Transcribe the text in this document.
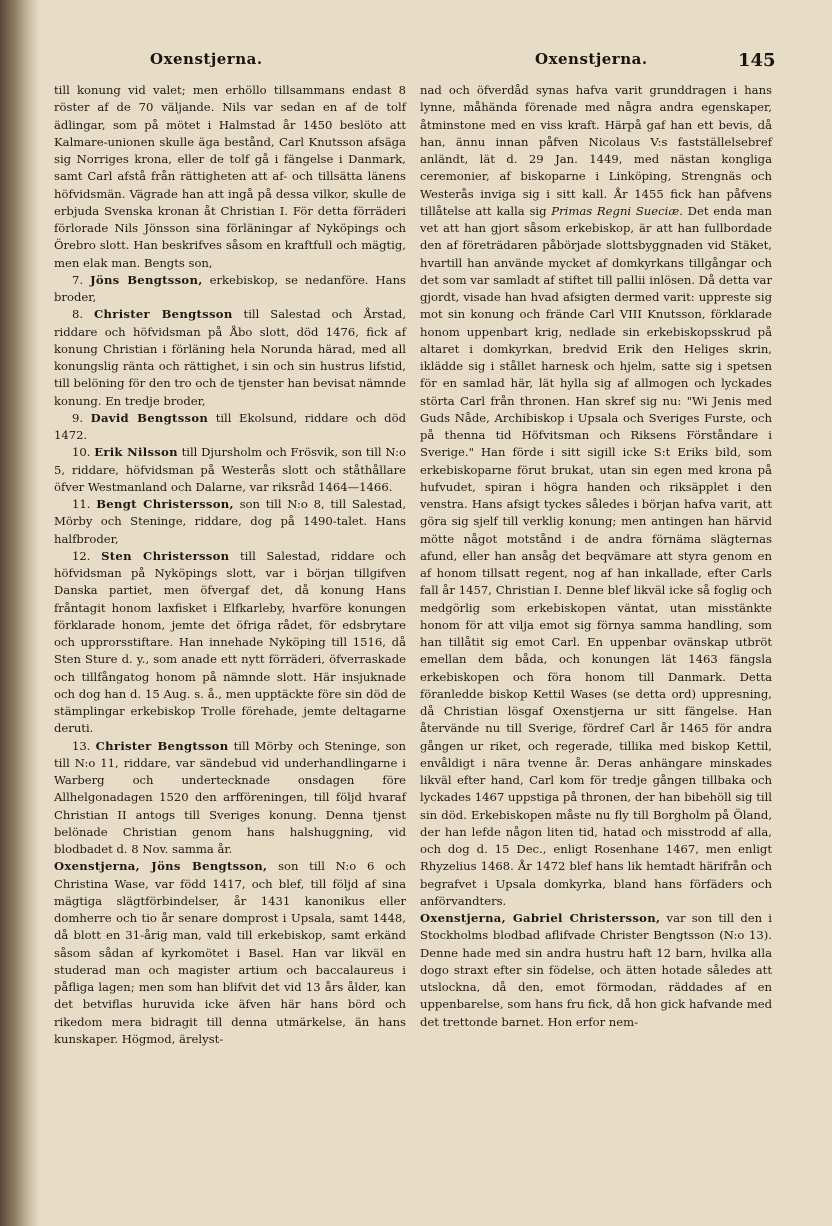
Oxenstjerna.	Oxenstjerna.	145

till konung vid valet; men erhöllo tillsammans endast 8 röster af de 70 väljande. Nils var sedan en af de tolf ädlingar, som på mötet i Halmstad år 1450 beslöto att Kalmare-unionen skulle äga bestånd, Carl Knutsson afsäga sig Norriges krona, eller de tolf gå i fängelse i Danmark, samt Carl afstå från rättigheten att af- och tillsätta länens höfvidsmän. Vägrade han att ingå på dessa vilkor, skulle de erbjuda Svenska kronan åt Christian I. För detta förräderi förlorade Nils Jönsson sina förläningar af Nyköpings och Örebro slott. Han beskrifves såsom en kraftfull och mägtig, men elak man. Bengts son,

7. Jöns Bengtsson, erkebiskop, se nedanföre. Hans broder,

8. Christer Bengtsson till Salestad och Årstad, riddare och höfvidsman på Åbo slott, död 1476, fick af konung Christian i förläning hela Norunda härad, med all konungslig ränta och rättighet, i sin och sin hustrus lifstid, till belöning för den tro och de tjenster han bevisat nämnde konung. En tredje broder,

9. David Bengtsson till Ekolsund, riddare och död 1472.

10. Erik Nilsson till Djursholm och Frösvik, son till N:o 5, riddare, höfvidsman på Westerås slott och ståthållare öfver Westmanland och Dalarne, var riksråd 1464—1466.

11. Bengt Christersson, son till N:o 8, till Salestad, Mörby och Steninge, riddare, dog på 1490-talet. Hans halfbroder,

12. Sten Christersson till Salestad, riddare och höfvidsman på Nyköpings slott, var i början tillgifven Danska partiet, men öfvergaf det, då konung Hans fråntagit honom laxfisket i Elfkarleby, hvarföre konungen förklarade honom, jemte det öfriga rådet, för edsbrytare och upprorsstiftare. Han innehade Nyköping till 1516, då Sten Sture d. y., som anade ett nytt förräderi, öfverraskade och tillfångatog honom på nämnde slott. Här insjuknade och dog han d. 15 Aug. s. å., men upptäckte före sin död de stämplingar erkebiskop Trolle förehade, jemte deltagarne deruti.

13. Christer Bengtsson till Mörby och Steninge, son till N:o 11, riddare, var sändebud vid underhandlingarne i Warberg och undertecknade onsdagen före Allhelgonadagen 1520 den arfföreningen, till följd hvaraf Christian II antogs till Sveriges konung. Denna tjenst belönade Christian genom hans halshuggning, vid blodbadet d. 8 Nov. samma år.

Oxenstjerna, Jöns Bengtsson, son till N:o 6 och Christina Wase, var född 1417, och blef, till följd af sina mägtiga slägtförbindelser, år 1431 kanonikus eller domherre och tio år senare domprost i Upsala, samt 1448, då blott en 31-årig man, vald till erkebiskop, samt erkänd såsom sådan af kyrkomötet i Basel. Han var likväl en studerad man och magister artium och baccalaureus i påfliga lagen; men som han blifvit det vid 13 års ålder, kan det betviflas huruvida icke äfven här hans börd och rikedom mera bidragit till denna utmärkelse, än hans kunskaper. Högmod, ärelyst-

nad och öfverdåd synas hafva varit grunddragen i hans lynne, måhända förenade med några andra egenskaper, åtminstone med en viss kraft. Härpå gaf han ett bevis, då han, ännu innan påfven Nicolaus V:s fastställelsebref anländt, lät d. 29 Jan. 1449, med nästan kongliga ceremonier, af biskoparne i Linköping, Strengnäs och Westerås inviga sig i sitt kall. År 1455 fick han påfvens tillåtelse att kalla sig Primas Regni Sueciæ. Det enda man vet att han gjort såsom erkebiskop, är att han fullbordade den af företrädaren påbörjade slottsbyggnaden vid Stäket, hvartill han använde mycket af domkyrkans tillgångar och det som var samladt af stiftet till pallii inlösen. Då detta var gjordt, visade han hvad afsigten dermed varit: uppreste sig mot sin konung och frände Carl VIII Knutsson, förklarade honom uppenbart krig, nedlade sin erkebiskopsskrud på altaret i domkyrkan, bredvid Erik den Heliges skrin, iklädde sig i stållet harnesk och hjelm, satte sig i spetsen för en samlad här, lät hylla sig af allmogen och lyckades störta Carl från thronen. Han skref sig nu: "Wi Jenis med Guds Nåde, Archibiskop i Upsala och Sveriges Furste, och på thenna tid Höfvitsman och Riksens Förståndare i Sverige." Han förde i sitt sigill icke S:t Eriks bild, som erkebiskoparne förut brukat, utan sin egen med krona på hufvudet, spiran i högra handen och riksäpplet i den venstra. Hans afsigt tyckes således i början hafva varit, att göra sig sjelf till verklig konung; men antingen han härvid mötte något motstånd i de andra förnäma slägternas afund, eller han ansåg det beqvämare att styra genom en af honom tillsatt regent, nog af han inkallade, efter Carls fall år 1457, Christian I. Denne blef likväl icke så foglig och medgörlig som erkebiskopen väntat, utan misstänkte honom för att vilja emot sig förnya samma handling, som han tillåtit sig emot Carl. En uppenbar ovänskap utbröt emellan dem båda, och konungen lät 1463 fängsla erkebiskopen och föra honom till Danmark. Detta föranledde biskop Kettil Wases (se detta ord) uppresning, då Christian lösgaf Oxenstjerna ur sitt fängelse. Han återvände nu till Sverige, fördref Carl år 1465 för andra gången ur riket, och regerade, tillika med biskop Kettil, envåldigt i nära tvenne år. Deras anhängare minskades likväl efter hand, Carl kom för tredje gången tillbaka och lyckades 1467 uppstiga på thronen, der han bibehöll sig till sin död. Erkebiskopen måste nu fly till Borgholm på Öland, der han lefde någon liten tid, hatad och misstrodd af alla, och dog d. 15 Dec., enligt Rosenhane 1467, men enligt Rhyzelius 1468. År 1472 blef hans lik hemtadt härifrån och begrafvet i Upsala domkyrka, bland hans förfäders och anförvandters.

Oxenstjerna, Gabriel Christersson, var son till den i Stockholms blodbad aflifvade Christer Bengtsson (N:o 13). Denne hade med sin andra hustru haft 12 barn, hvilka alla dogo straxt efter sin födelse, och ätten hotade således att utslockna, då den, emot förmodan, räddades af en uppenbarelse, som hans fru fick, då hon gick hafvande med det trettonde barnet. Hon erfor nem-
